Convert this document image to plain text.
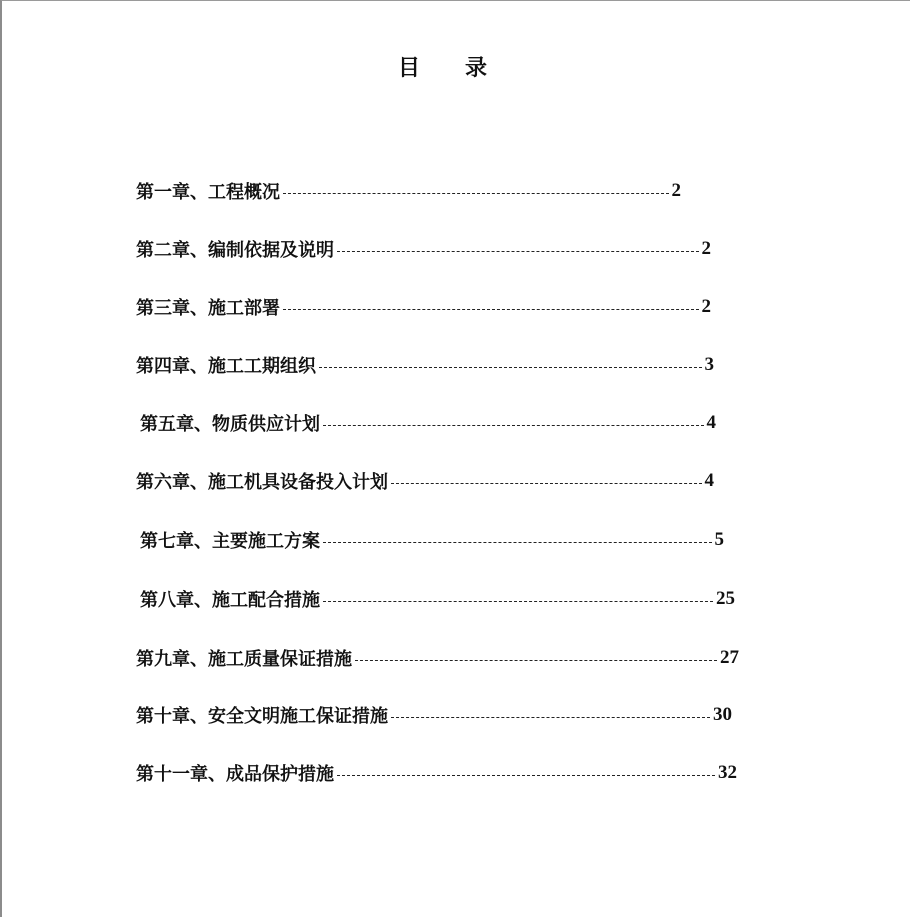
目录
第一章、工程概况	2
第二章、编制依据及说明	2
第三章、施工部署	2
第四章、施工工期组织	3
第五章、物质供应计划	4
第六章、施工机具设备投入计划	4
第七章、主要施工方案	5
第八章、施工配合措施	25
第九章、施工质量保证措施	27
第十章、安全文明施工保证措施	30
第十一章、成品保护措施	32
